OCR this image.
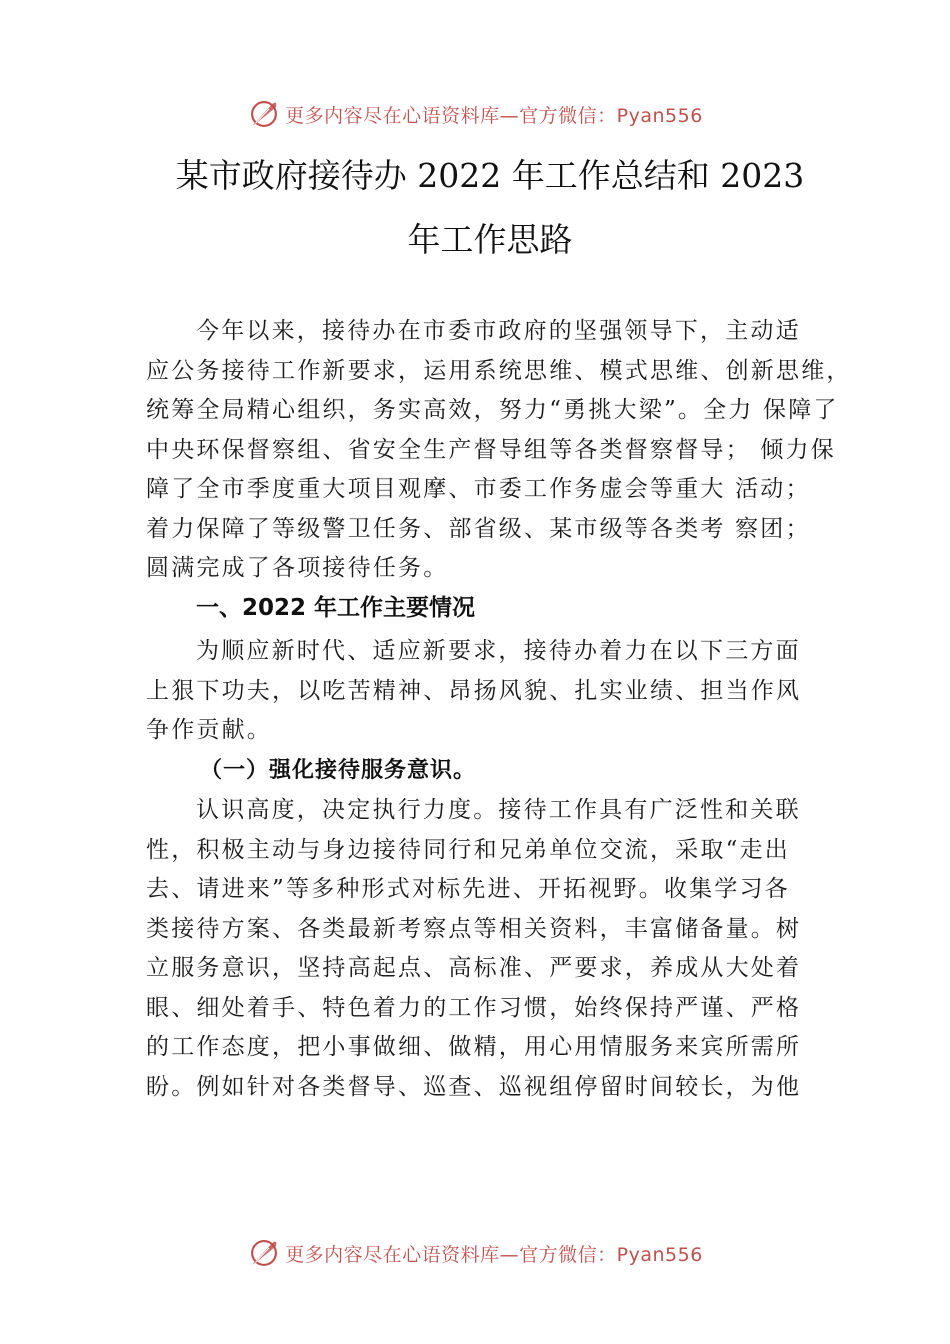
更多内容尽在心语资料库—官方微信：Pyan556
某市政府接待办 2022 年工作总结和 2023
年工作思路
今年以来，接待办在市委市政府的坚强领导下，主动适
应公务接待工作新要求，运用系统思维、模式思维、创新思维，
统筹全局精心组织，务实高效，努力“勇挑大梁”。全力 保障了
中央环保督察组、省安全生产督导组等各类督察督导； 倾力保
障了全市季度重大项目观摩、市委工作务虚会等重大 活动；
着力保障了等级警卫任务、部省级、某市级等各类考 察团；
圆满完成了各项接待任务。
一、2022 年工作主要情况
为顺应新时代、适应新要求，接待办着力在以下三方面
上狠下功夫，以吃苦精神、昂扬风貌、扎实业绩、担当作风
争作贡献。
（一）强化接待服务意识。
认识高度，决定执行力度。接待工作具有广泛性和关联
性，积极主动与身边接待同行和兄弟单位交流，采取“走出
去、请进来”等多种形式对标先进、开拓视野。收集学习各
类接待方案、各类最新考察点等相关资料，丰富储备量。树
立服务意识，坚持高起点、高标准、严要求，养成从大处着
眼、细处着手、特色着力的工作习惯，始终保持严谨、严格
的工作态度，把小事做细、做精，用心用情服务来宾所需所
盼。例如针对各类督导、巡查、巡视组停留时间较长，为他
更多内容尽在心语资料库—官方微信：Pyan556
